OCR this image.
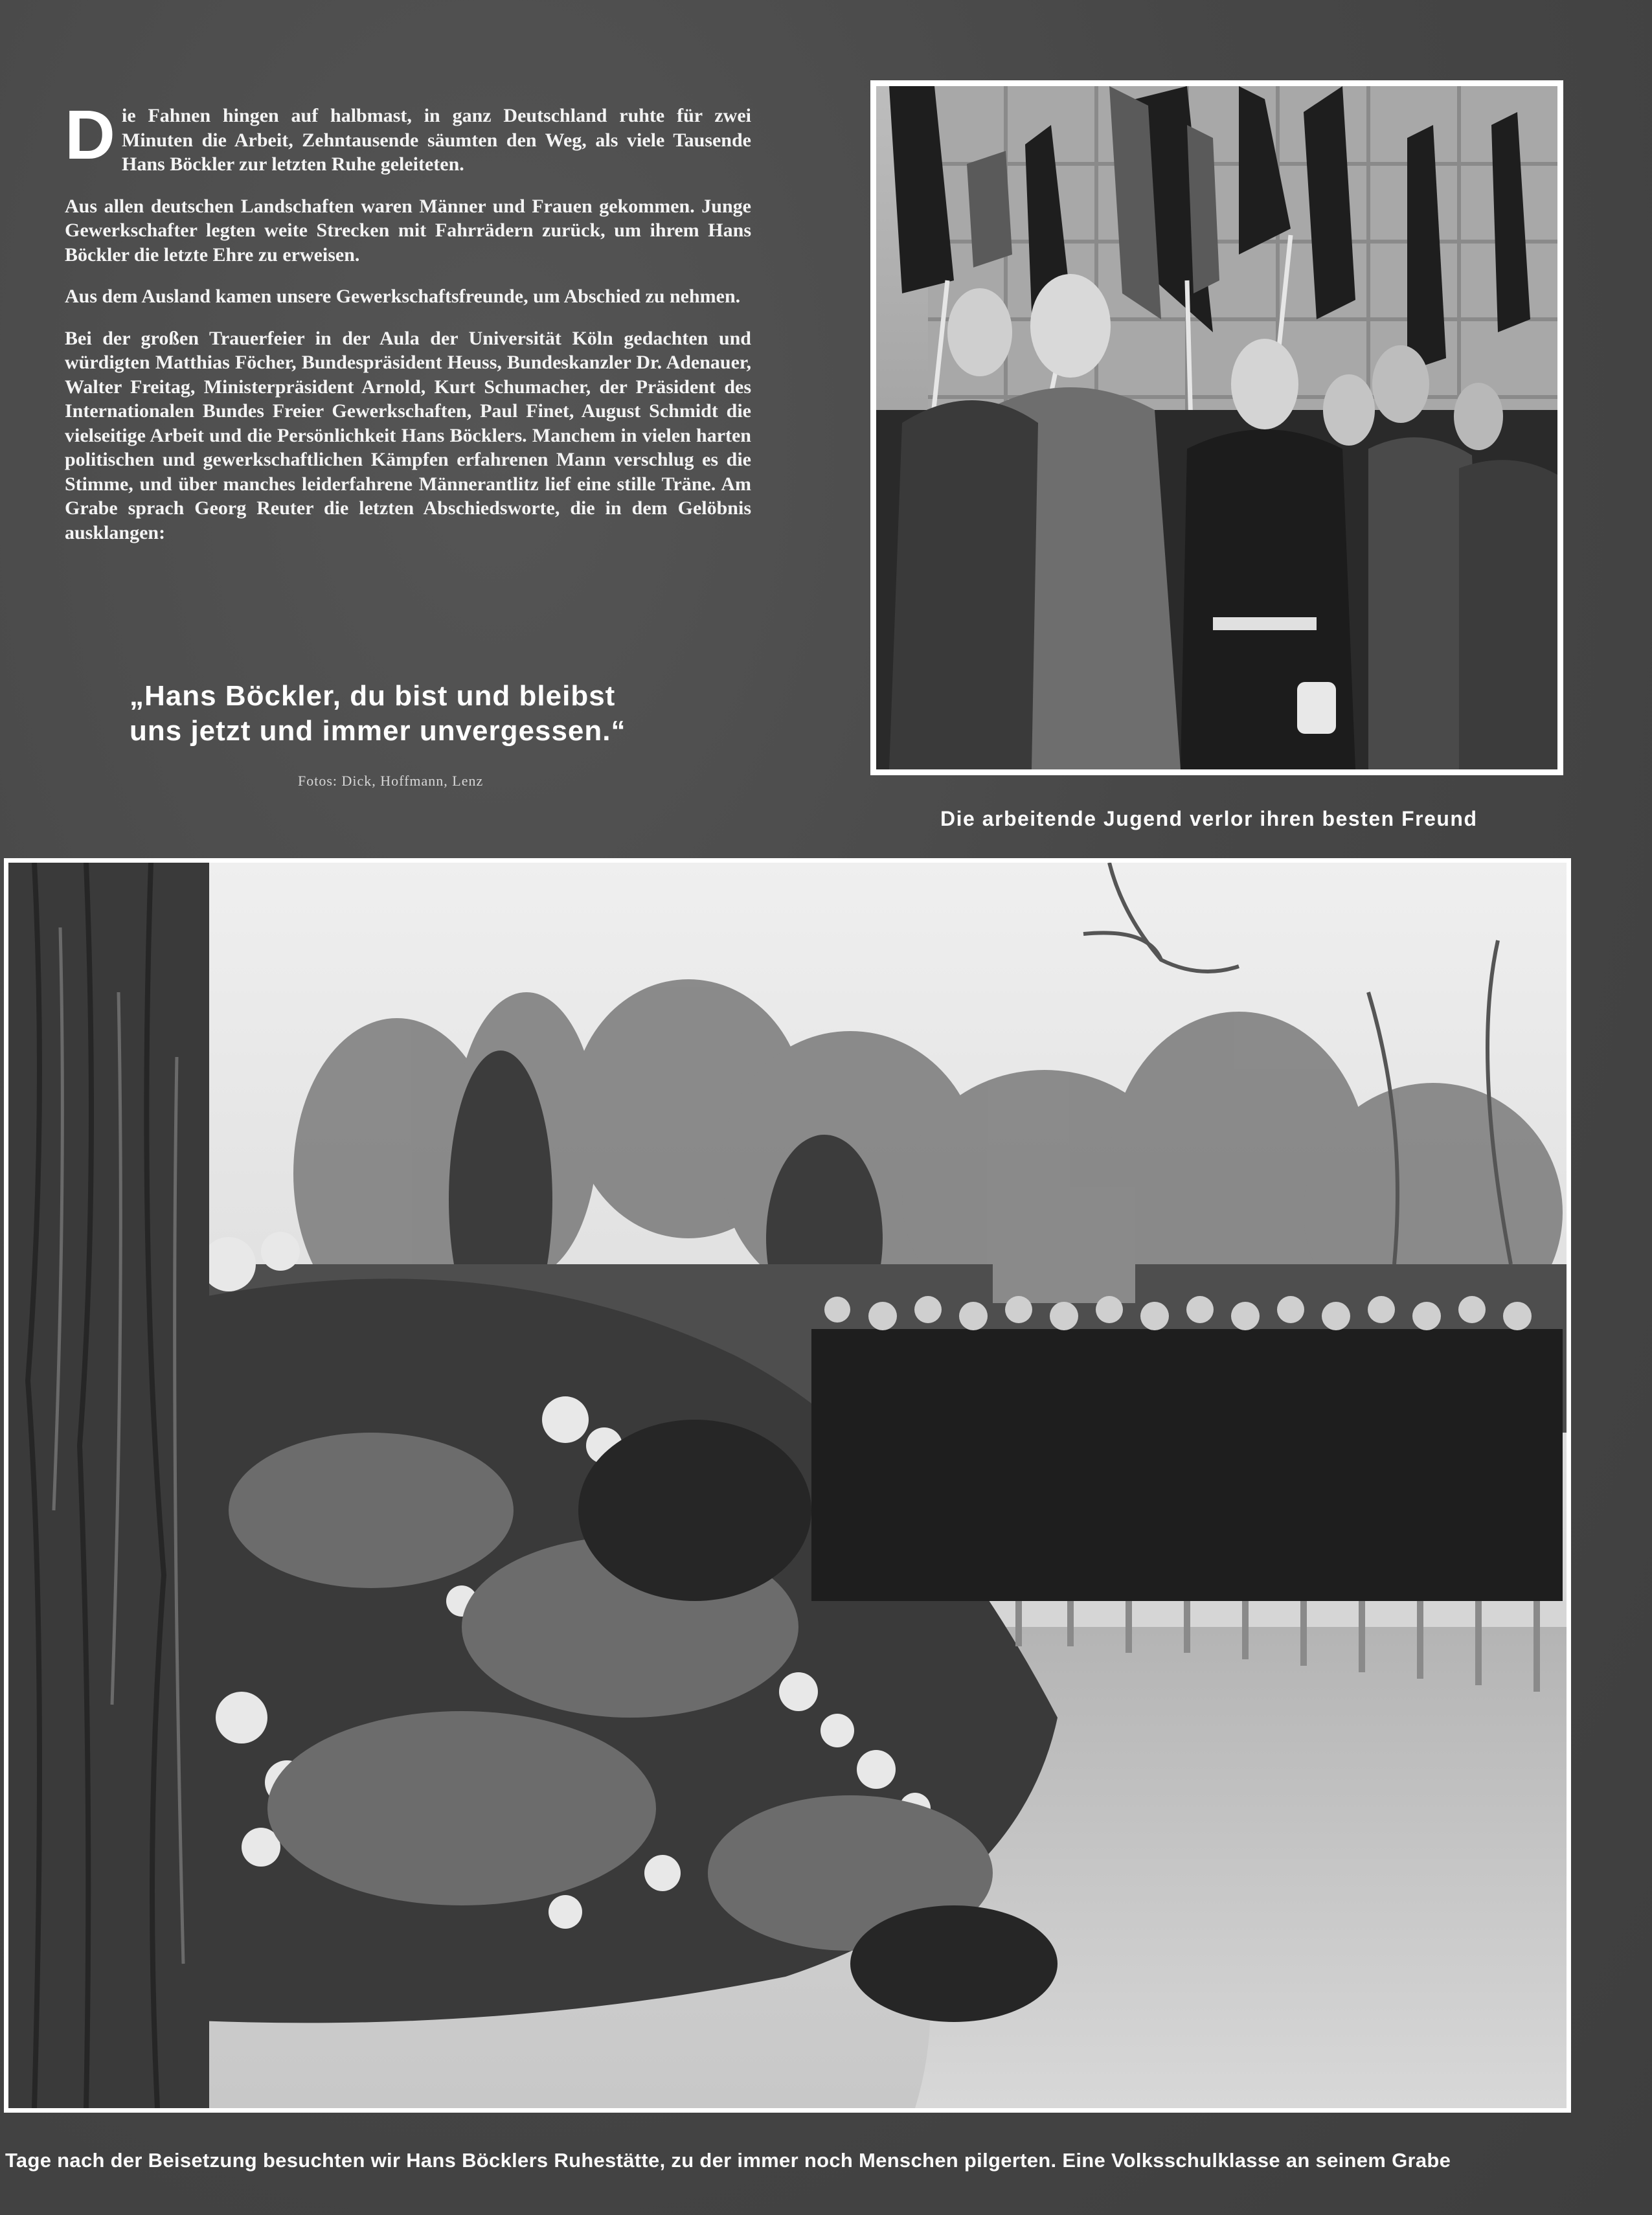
Die Fahnen hingen auf halbmast, in ganz Deutschland ruhte für zwei Minuten die Arbeit, Zehntausende säumten den Weg, als viele Tausende Hans Böckler zur letzten Ruhe geleiteten.

Aus allen deutschen Landschaften waren Männer und Frauen gekommen. Junge Gewerkschafter legten weite Strecken mit Fahrrädern zurück, um ihrem Hans Böckler die letzte Ehre zu erweisen.

Aus dem Ausland kamen unsere Gewerkschaftsfreunde, um Abschied zu nehmen.

Bei der großen Trauerfeier in der Aula der Universität Köln gedachten und würdigten Matthias Föcher, Bundespräsident Heuss, Bundeskanzler Dr. Adenauer, Walter Freitag, Ministerpräsident Arnold, Kurt Schumacher, der Präsident des Internationalen Bundes Freier Gewerkschaften, Paul Finet, August Schmidt die vielseitige Arbeit und die Persönlichkeit Hans Böcklers. Manchem in vielen harten politischen und gewerkschaftlichen Kämpfen erfahrenen Mann verschlug es die Stimme, und über manches leiderfahrene Männerantlitz lief eine stille Träne. Am Grabe sprach Georg Reuter die letzten Abschiedsworte, die in dem Gelöbnis ausklangen:

„Hans Böckler, du bist und bleibst
uns jetzt und immer unvergessen.“
Fotos: Dick, Hoffmann, Lenz
Die arbeitende Jugend verlor ihren besten Freund
Tage nach der Beisetzung besuchten wir Hans Böcklers Ruhestätte, zu der immer noch Menschen pilgerten. Eine Volksschulklasse an seinem Grabe
